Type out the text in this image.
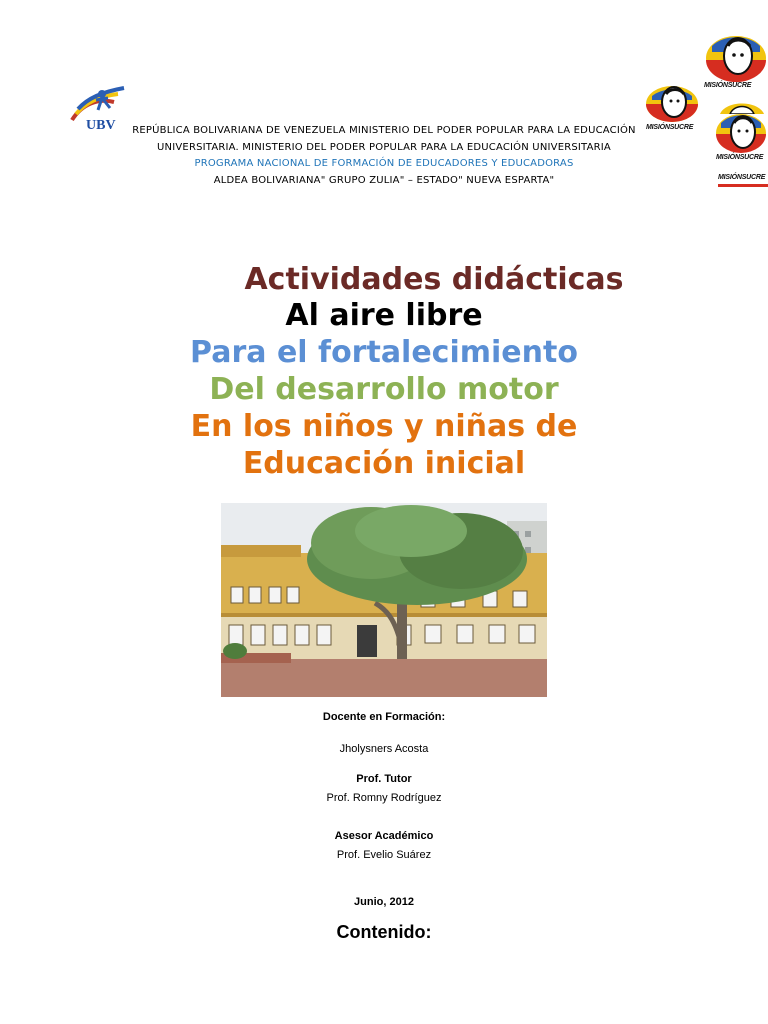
UBV	MISIÓNSUCRE
MISIÓNSUCRE
MISIÓNSUCRE
MISIÓNSUCRE
REPÚBLICA BOLIVARIANA DE VENEZUELA MINISTERIO DEL PODER POPULAR PARA LA EDUCACIÓN
UNIVERSITARIA. MINISTERIO DEL PODER POPULAR PARA LA EDUCACIÓN UNIVERSITARIA
PROGRAMA NACIONAL DE FORMACIÓN DE EDUCADORES Y EDUCADORAS
ALDEA BOLIVARIANA" GRUPO ZULIA" – ESTADO" NUEVA ESPARTA"
Actividades didácticas
Al aire libre
Para el fortalecimiento
Del desarrollo motor
En los niños y niñas de
Educación inicial
Docente en Formación:
Jholysners Acosta
Prof. Tutor
Prof. Romny Rodríguez
Asesor Académico
Prof. Evelio Suárez
Junio, 2012
Contenido:
